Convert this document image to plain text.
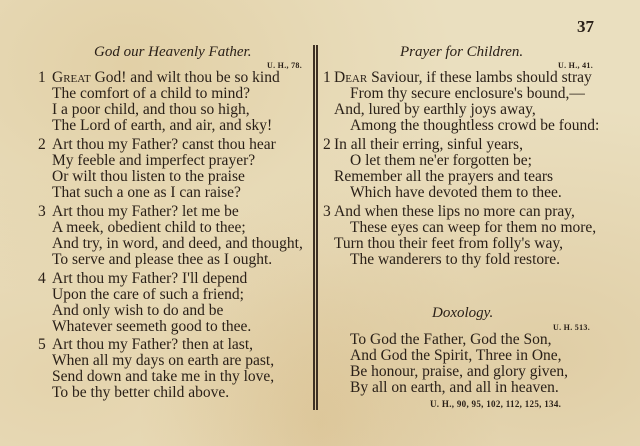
37
God our Heavenly Father.
U. H., 78.
1 Great God! and wilt thou be so kind
The comfort of a child to mind?
I a poor child, and thou so high,
The Lord of earth, and air, and sky!
2 Art thou my Father? canst thou hear
My feeble and imperfect prayer?
Or wilt thou listen to the praise
That such a one as I can raise?
3 Art thou my Father? let me be
A meek, obedient child to thee;
And try, in word, and deed, and thought,
To serve and please thee as I ought.
4 Art thou my Father? I'll depend
Upon the care of such a friend;
And only wish to do and be
Whatever seemeth good to thee.
5 Art thou my Father? then at last,
When all my days on earth are past,
Send down and take me in thy love,
To be thy better child above.
Prayer for Children.
U. H., 41.
1 Dear Saviour, if these lambs should stray
From thy secure enclosure's bound,—
And, lured by earthly joys away,
Among the thoughtless crowd be found:
2 In all their erring, sinful years,
O let them ne'er forgotten be;
Remember all the prayers and tears
Which have devoted them to thee.
3 And when these lips no more can pray,
These eyes can weep for them no more,
Turn thou their feet from folly's way,
The wanderers to thy fold restore.
Doxology.
U. H. 513.
To God the Father, God the Son,
And God the Spirit, Three in One,
Be honour, praise, and glory given,
By all on earth, and all in heaven.
U. H., 90, 95, 102, 112, 125, 134.
